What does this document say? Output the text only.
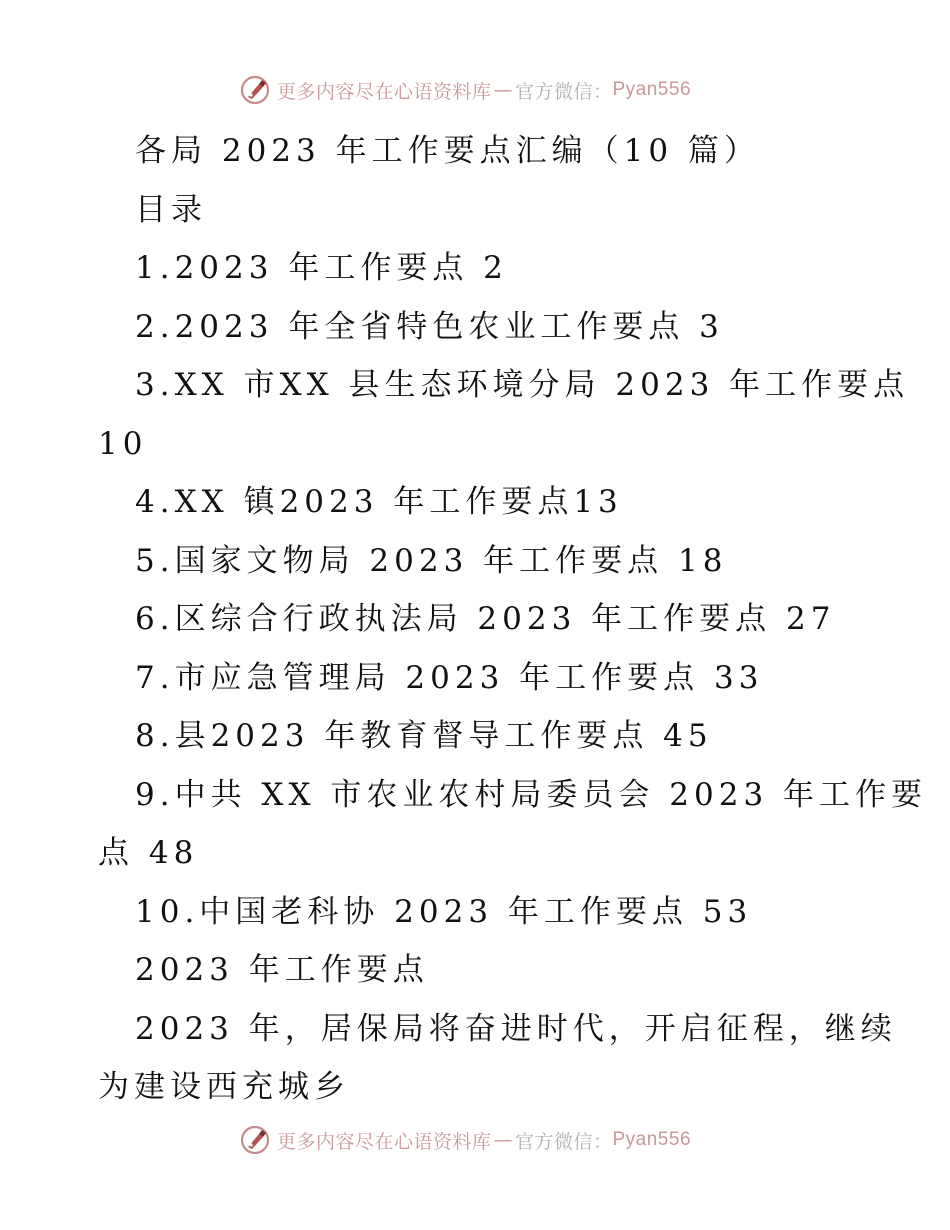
更多内容尽在心语资料库 — 官方微信： Pyan556
各局 2023 年工作要点汇编（10 篇）
目录
1.2023 年工作要点 2
2.2023 年全省特色农业工作要点 3
3.XX 市XX 县生态环境分局 2023 年工作要点
10
4.XX 镇2023 年工作要点13
5.国家文物局 2023 年工作要点 18
6.区综合行政执法局 2023 年工作要点 27
7.市应急管理局 2023 年工作要点 33
8.县2023 年教育督导工作要点 45
9.中共 XX 市农业农村局委员会 2023 年工作要
点 48
10.中国老科协 2023 年工作要点 53
2023 年工作要点
2023 年，居保局将奋进时代，开启征程，继续
为建设西充城乡
更多内容尽在心语资料库 — 官方微信： Pyan556
